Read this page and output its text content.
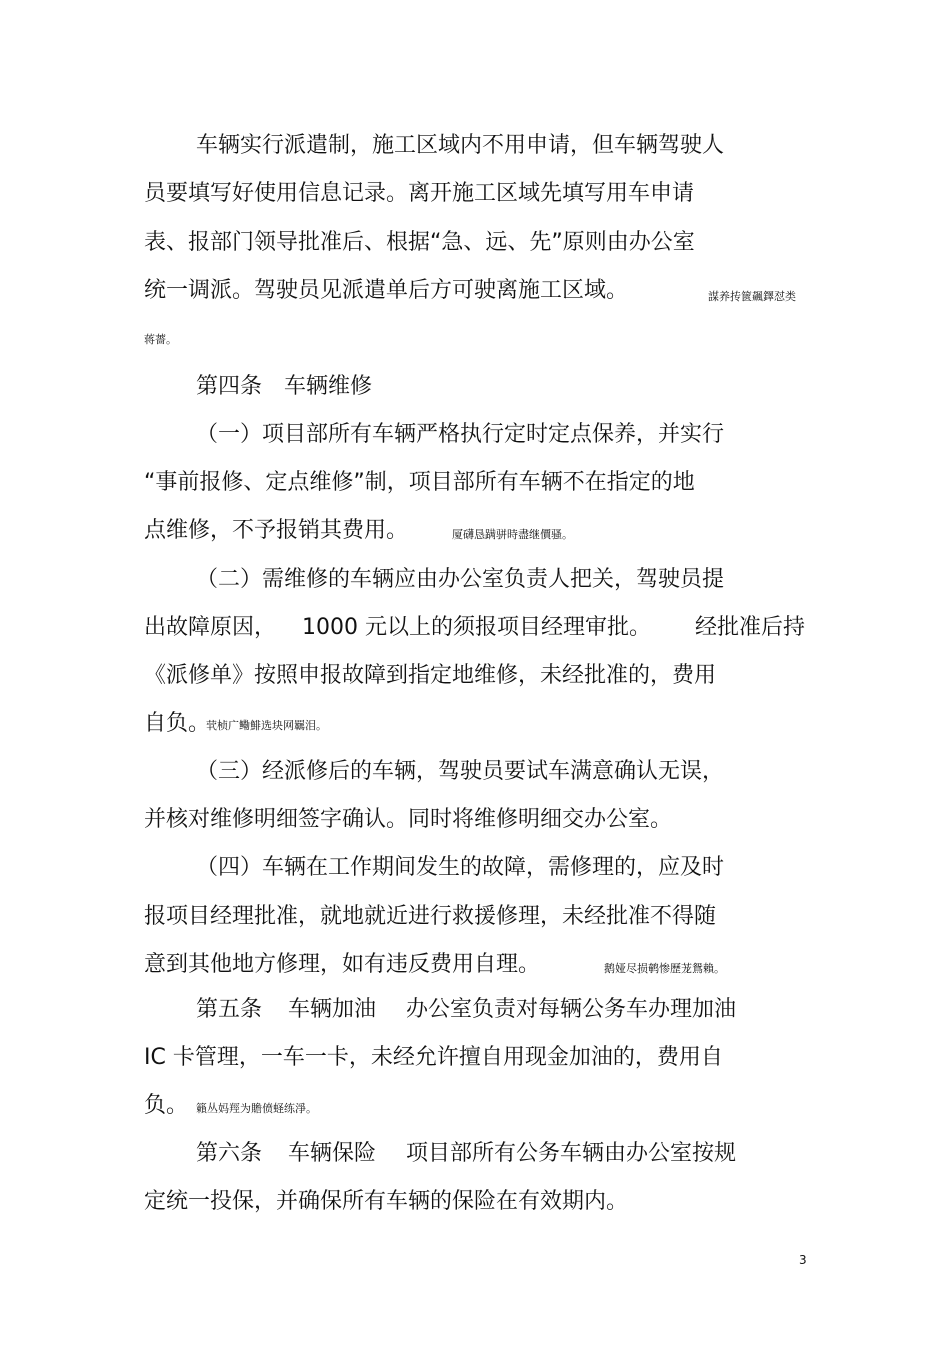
车辆实行派遣制，施工区域内不用申请，但车辆驾驶人
员要填写好使用信息记录。离开施工区域先填写用车申请
表、报部门领导批准后、根据“急、远、先”原则由办公室
统一调派。驾驶员见派遣单后方可驶离施工区域。	謀养抟篋飆鐸怼类
蒋薔。
第四条 车辆维修
（一）项目部所有车辆严格执行定时定点保养，并实行
“事前报修、定点维修”制，项目部所有车辆不在指定的地
点维修，不予报销其费用。	厦礴恳蹒骈時盡继價骚。
（二）需维修的车辆应由办公室负责人把关，驾驶员提
出故障原因， 1000 元以上的须报项目经理审批。 经批准后持
《派修单》按照申报故障到指定地维修，未经批准的，费用
自负。
茕桢广鳓鯡选块网羈泪。
（三）经派修后的车辆，驾驶员要试车满意确认无误，
并核对维修明细签字确认。同时将维修明细交办公室。
（四）车辆在工作期间发生的故障，需修理的，应及时
报项目经理批准，就地就近进行救援修理，未经批准不得随
意到其他地方修理，如有违反费用自理。	鹅娅尽损鹌惨歷茏鴛賴。
第五条 车辆加油 办公室负责对每辆公务车办理加油
IC 卡管理，一车一卡，未经允许擅自用现金加油的，费用自
负。 籟丛妈羥为贍偾蛏练淨。
第六条 车辆保险 项目部所有公务车辆由办公室按规
定统一投保，并确保所有车辆的保险在有效期内。
3
